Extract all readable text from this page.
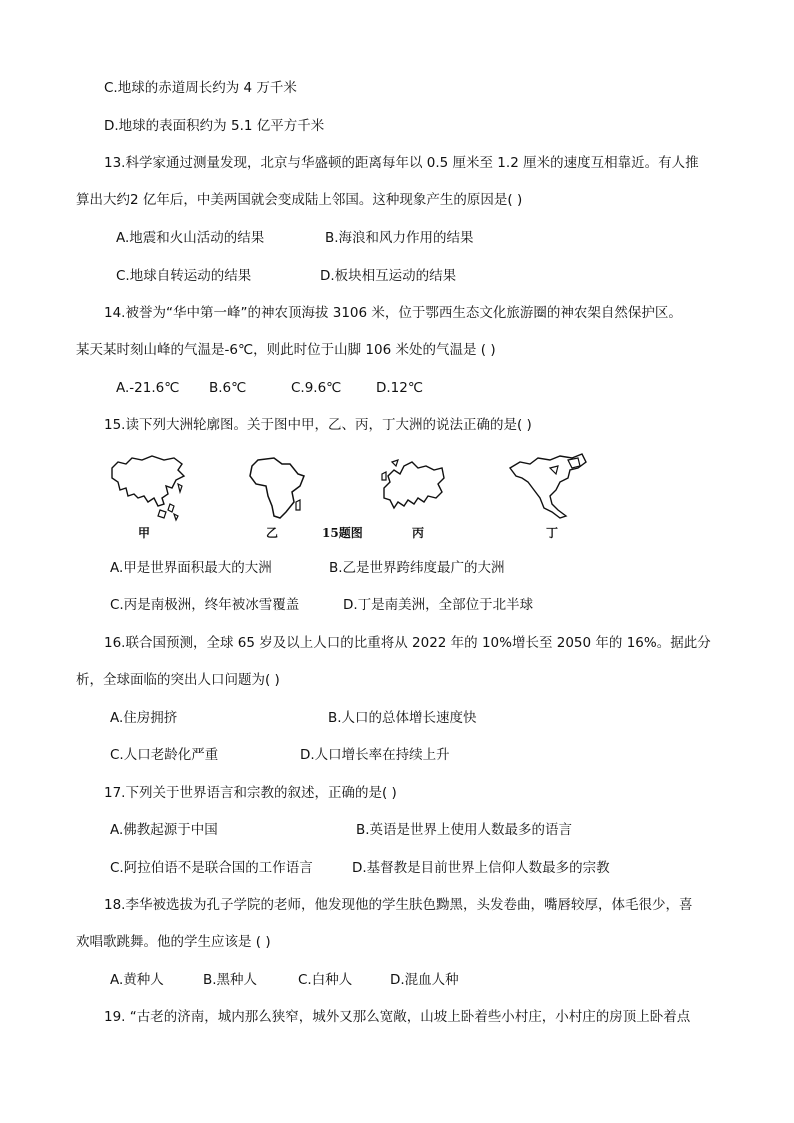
C.地球的赤道周长约为 4 万千米
D.地球的表面积约为 5.1 亿平方千米
13.科学家通过测量发现，北京与华盛顿的距离每年以 0.5 厘米至 1.2 厘米的速度互相靠近。有人推
算出大约2 亿年后，中美两国就会变成陆上邻国。这种现象产生的原因是( )
A.地震和火山活动的结果	B.海浪和风力作用的结果
C.地球自转运动的结果	D.板块相互运动的结果
14.被誉为“华中第一峰”的神农顶海拔 3106 米，位于鄂西生态文化旅游圈的神农架自然保护区。
某天某时刻山峰的气温是-6℃，则此时位于山脚 106 米处的气温是 ( )
A.-21.6℃ B.6℃	C.9.6℃	D.12℃
15.读下列大洲轮廓图。关于图中甲，乙、丙，丁大洲的说法正确的是( )
甲	乙	15题图	丙	丁
A.甲是世界面积最大的大洲	B.乙是世界跨纬度最广的大洲
C.丙是南极洲，终年被冰雪覆盖	D.丁是南美洲，全部位于北半球
16.联合国预测，全球 65 岁及以上人口的比重将从 2022 年的 10%增长至 2050 年的 16%。据此分
析，全球面临的突出人口问题为( )
A.住房拥挤	B.人口的总体增长速度快
C.人口老龄化严重	D.人口增长率在持续上升
17.下列关于世界语言和宗教的叙述，正确的是( )
A.佛教起源于中国	B.英语是世界上使用人数最多的语言
C.阿拉伯语不是联合国的工作语言	D.基督教是目前世界上信仰人数最多的宗教
18.李华被选拔为孔子学院的老师，他发现他的学生肤色黝黑，头发卷曲，嘴唇较厚，体毛很少，喜
欢唱歌跳舞。他的学生应该是 ( )
A.黄种人	B.黑种人	C.白种人	D.混血人种
19. “古老的济南，城内那么狭窄，城外又那么宽敞，山坡上卧着些小村庄，小村庄的房顶上卧着点
